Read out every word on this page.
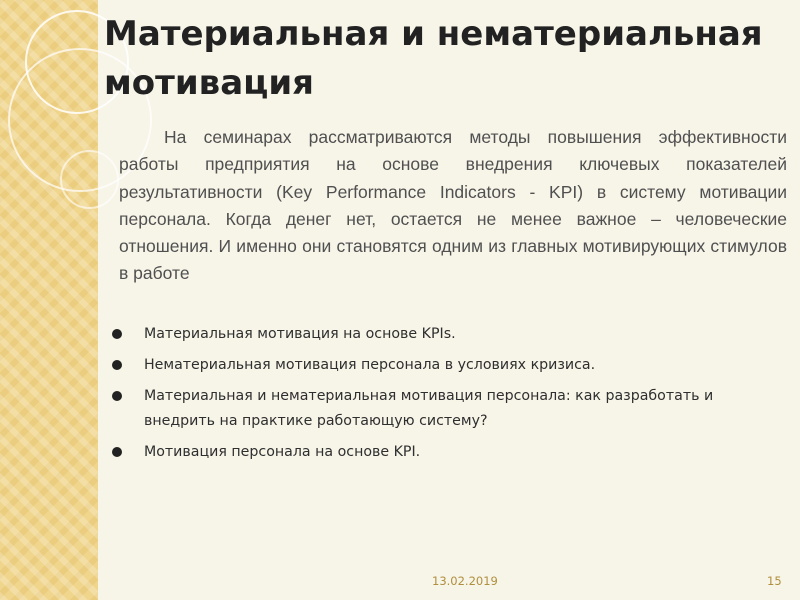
Материальная и нематериальная мотивация

На семинарах рассматриваются методы повышения эффективности работы предприятия на основе внедрения ключевых показателей результативности (Key Performance Indicators - KPI) в систему мотивации персонала. Когда денег нет, остается не менее важное – человеческие отношения. И именно они становятся одним из главных мотивирующих стимулов в работе

Материальная мотивация на основе KPIs.
Нематериальная мотивация персонала в условиях кризиса.
Материальная и нематериальная мотивация персонала: как разработать и внедрить на практике работающую систему?
Мотивация персонала на основе KPI.
13.02.2019	15
